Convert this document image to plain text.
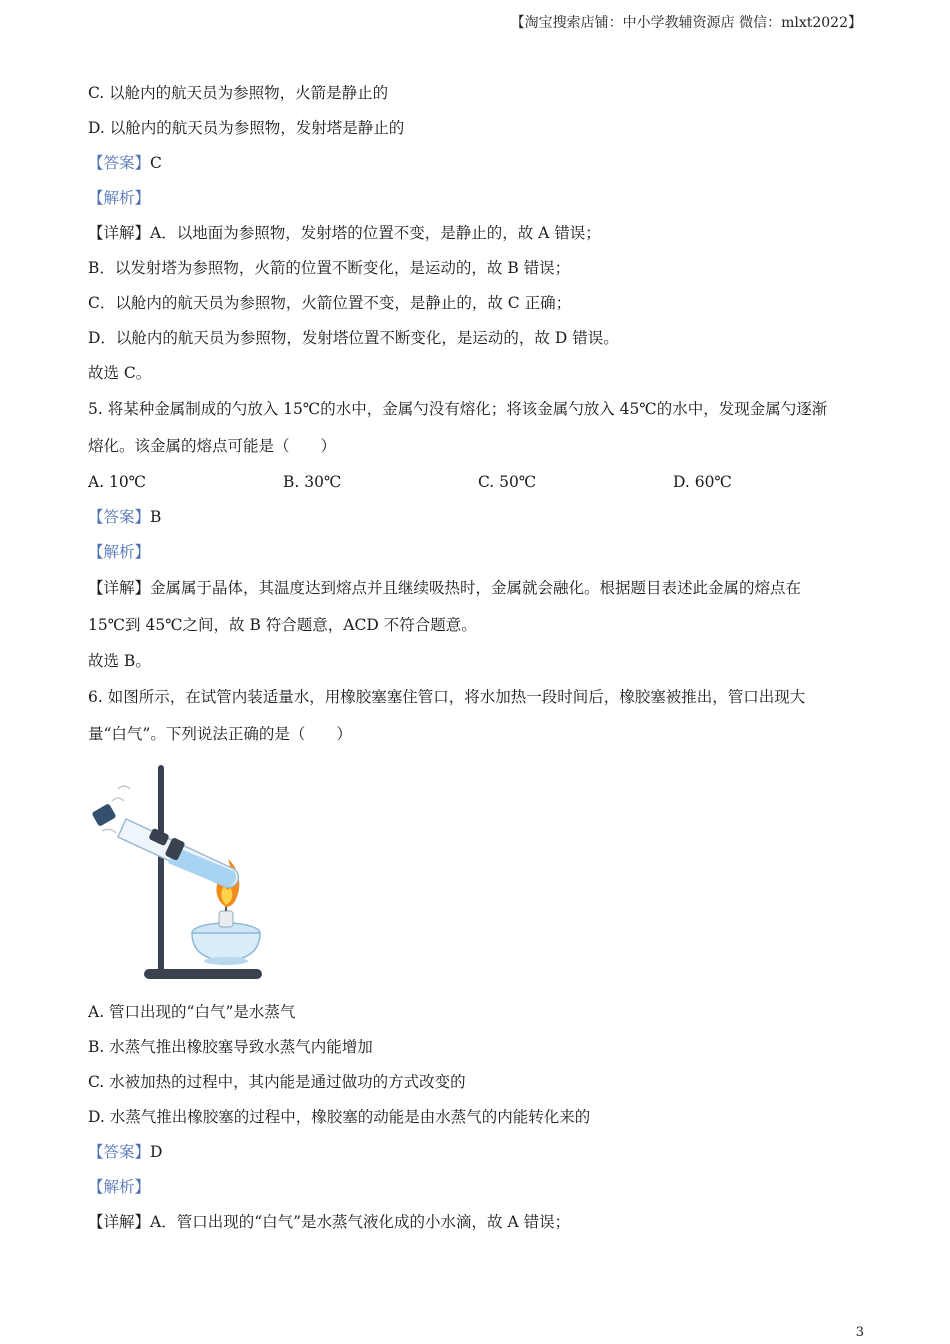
【淘宝搜索店铺：中小学教辅资源店 微信：mlxt2022】
C. 以舱内的航天员为参照物，火箭是静止的
D. 以舱内的航天员为参照物，发射塔是静止的
【答案】C
【解析】
【详解】A．以地面为参照物，发射塔的位置不变，是静止的，故 A 错误；
B．以发射塔为参照物，火箭的位置不断变化，是运动的，故 B 错误；
C．以舱内的航天员为参照物，火箭位置不变，是静止的，故 C 正确；
D．以舱内的航天员为参照物，发射塔位置不断变化，是运动的，故 D 错误。
故选 C。
5. 将某种金属制成的勺放入 15℃的水中，金属勺没有熔化；将该金属勺放入 45℃的水中，发现金属勺逐渐
熔化。该金属的熔点可能是（　　）
A. 10℃	B. 30℃	C. 50℃	D. 60℃
【答案】B
【解析】
【详解】金属属于晶体，其温度达到熔点并且继续吸热时，金属就会融化。根据题目表述此金属的熔点在
15℃到 45℃之间，故 B 符合题意，ACD 不符合题意。
故选 B。
6. 如图所示，在试管内装适量水，用橡胶塞塞住管口，将水加热一段时间后，橡胶塞被推出，管口出现大
量“白气”。下列说法正确的是（　　）
A. 管口出现的“白气”是水蒸气
B. 水蒸气推出橡胶塞导致水蒸气内能增加
C. 水被加热的过程中，其内能是通过做功的方式改变的
D. 水蒸气推出橡胶塞的过程中，橡胶塞的动能是由水蒸气的内能转化来的
【答案】D
【解析】
【详解】A．管口出现的“白气”是水蒸气液化成的小水滴，故 A 错误；
3
